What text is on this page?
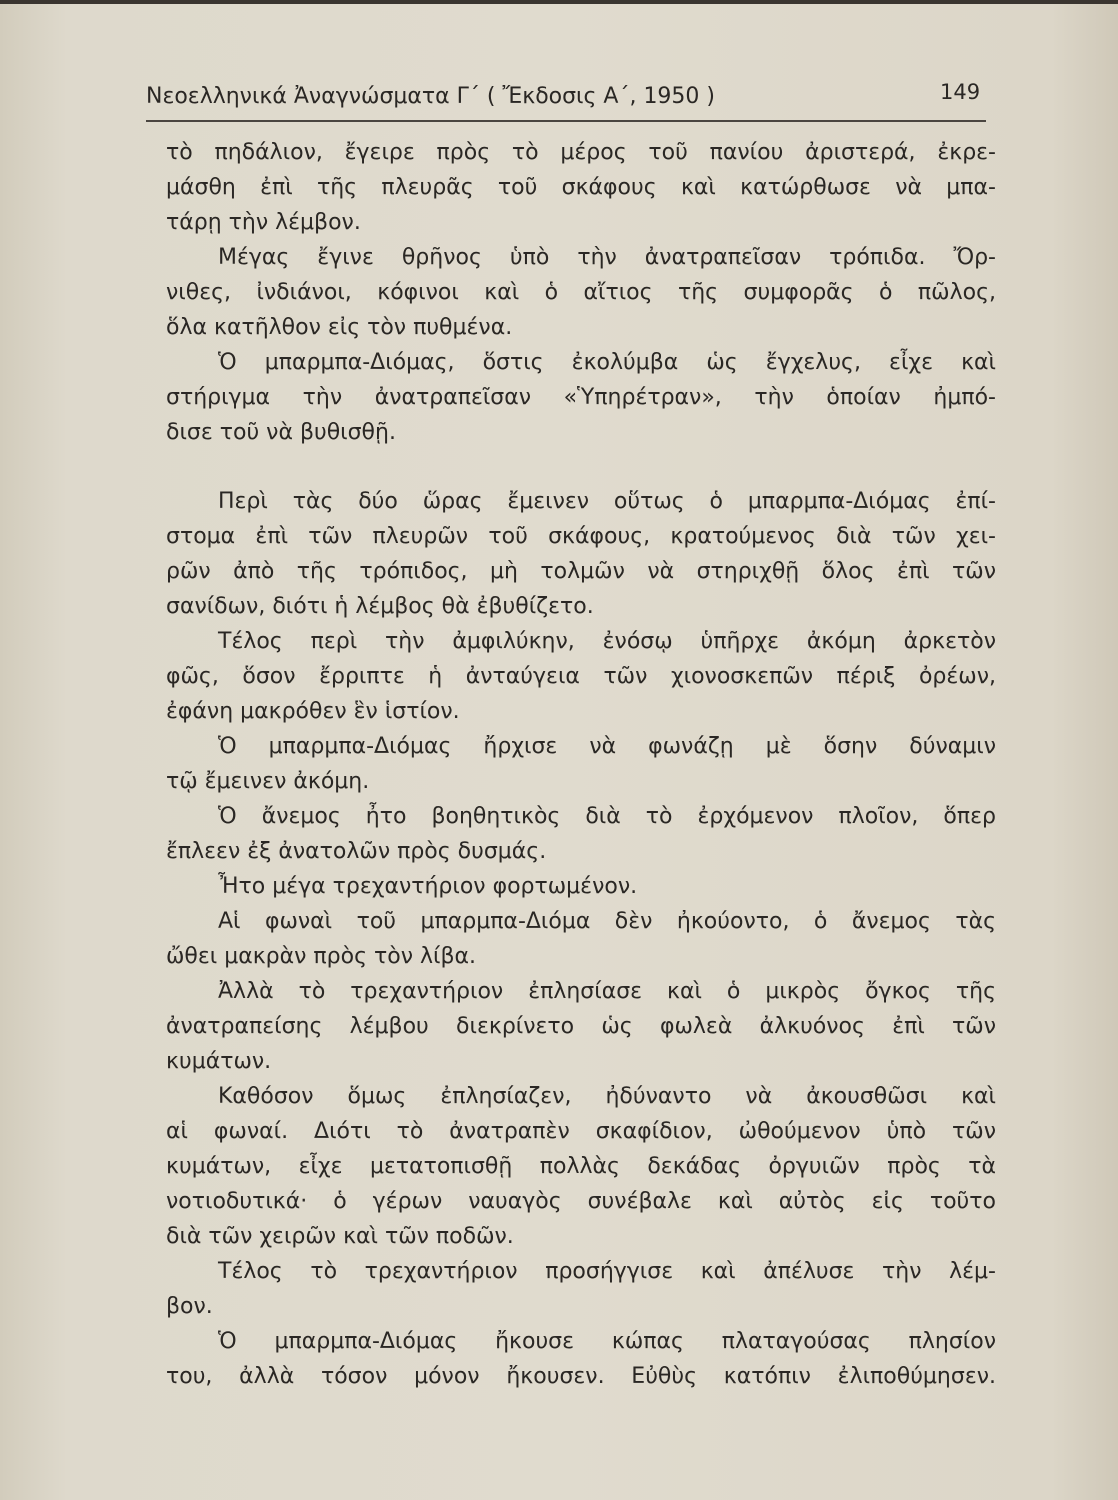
Νεοελληνικά Ἀναγνώσματα Γ΄ ( Ἔκδοσις Α΄, 1950 )	149
τὸ πηδάλιον, ἔγειρε πρὸς τὸ μέρος τοῦ πανίου ἀριστερά, ἐκρε-
μάσθη ἐπὶ τῆς πλευρᾶς τοῦ σκάφους καὶ κατώρθωσε νὰ μπα-
τάρῃ τὴν λέμβον.
Μέγας ἔγινε θρῆνος ὑπὸ τὴν ἀνατραπεῖσαν τρόπιδα. Ὄρ-
νιθες, ἰνδιάνοι, κόφινοι καὶ ὁ αἴτιος τῆς συμφορᾶς ὁ πῶλος,
ὅλα κατῆλθον εἰς τὸν πυθμένα.
Ὁ μπαρμπα-Διόμας, ὅστις ἐκολύμβα ὡς ἔγχελυς, εἶχε καὶ
στήριγμα τὴν ἀνατραπεῖσαν «Ὑπηρέτραν», τὴν ὁποίαν ἠμπό-
δισε τοῦ νὰ βυθισθῇ.
Περὶ τὰς δύο ὥρας ἔμεινεν οὕτως ὁ μπαρμπα-Διόμας ἐπί-
στομα ἐπὶ τῶν πλευρῶν τοῦ σκάφους, κρατούμενος διὰ τῶν χει-
ρῶν ἀπὸ τῆς τρόπιδος, μὴ τολμῶν νὰ στηριχθῇ ὅλος ἐπὶ τῶν
σανίδων, διότι ἡ λέμβος θὰ ἐβυθίζετο.
Τέλος περὶ τὴν ἀμφιλύκην, ἐνόσῳ ὑπῆρχε ἀκόμη ἀρκετὸν
φῶς, ὅσον ἔρριπτε ἡ ἀνταύγεια τῶν χιονοσκεπῶν πέριξ ὀρέων,
ἐφάνη μακρόθεν ἓν ἱστίον.
Ὁ μπαρμπα-Διόμας ἤρχισε νὰ φωνάζῃ μὲ ὅσην δύναμιν
τῷ ἔμεινεν ἀκόμη.
Ὁ ἄνεμος ἦτο βοηθητικὸς διὰ τὸ ἐρχόμενον πλοῖον, ὅπερ
ἔπλεεν ἐξ ἀνατολῶν πρὸς δυσμάς.
Ἦτο μέγα τρεχαντήριον φορτωμένον.
Αἱ φωναὶ τοῦ μπαρμπα-Διόμα δὲν ἠκούοντο, ὁ ἄνεμος τὰς
ὤθει μακρὰν πρὸς τὸν λίβα.
Ἀλλὰ τὸ τρεχαντήριον ἐπλησίασε καὶ ὁ μικρὸς ὄγκος τῆς
ἀνατραπείσης λέμβου διεκρίνετο ὡς φωλεὰ ἀλκυόνος ἐπὶ τῶν
κυμάτων.
Καθόσον ὅμως ἐπλησίαζεν, ἠδύναντο νὰ ἀκουσθῶσι καὶ
αἱ φωναί. Διότι τὸ ἀνατραπὲν σκαφίδιον, ὠθούμενον ὑπὸ τῶν
κυμάτων, εἶχε μετατοπισθῇ πολλὰς δεκάδας ὀργυιῶν πρὸς τὰ
νοτιοδυτικά· ὁ γέρων ναυαγὸς συνέβαλε καὶ αὐτὸς εἰς τοῦτο
διὰ τῶν χειρῶν καὶ τῶν ποδῶν.
Τέλος τὸ τρεχαντήριον προσήγγισε καὶ ἀπέλυσε τὴν λέμ-
βον.
Ὁ μπαρμπα-Διόμας ἤκουσε κώπας πλαταγούσας πλησίον
του, ἀλλὰ τόσον μόνον ἤκουσεν. Εὐθὺς κατόπιν ἐλιποθύμησεν.
